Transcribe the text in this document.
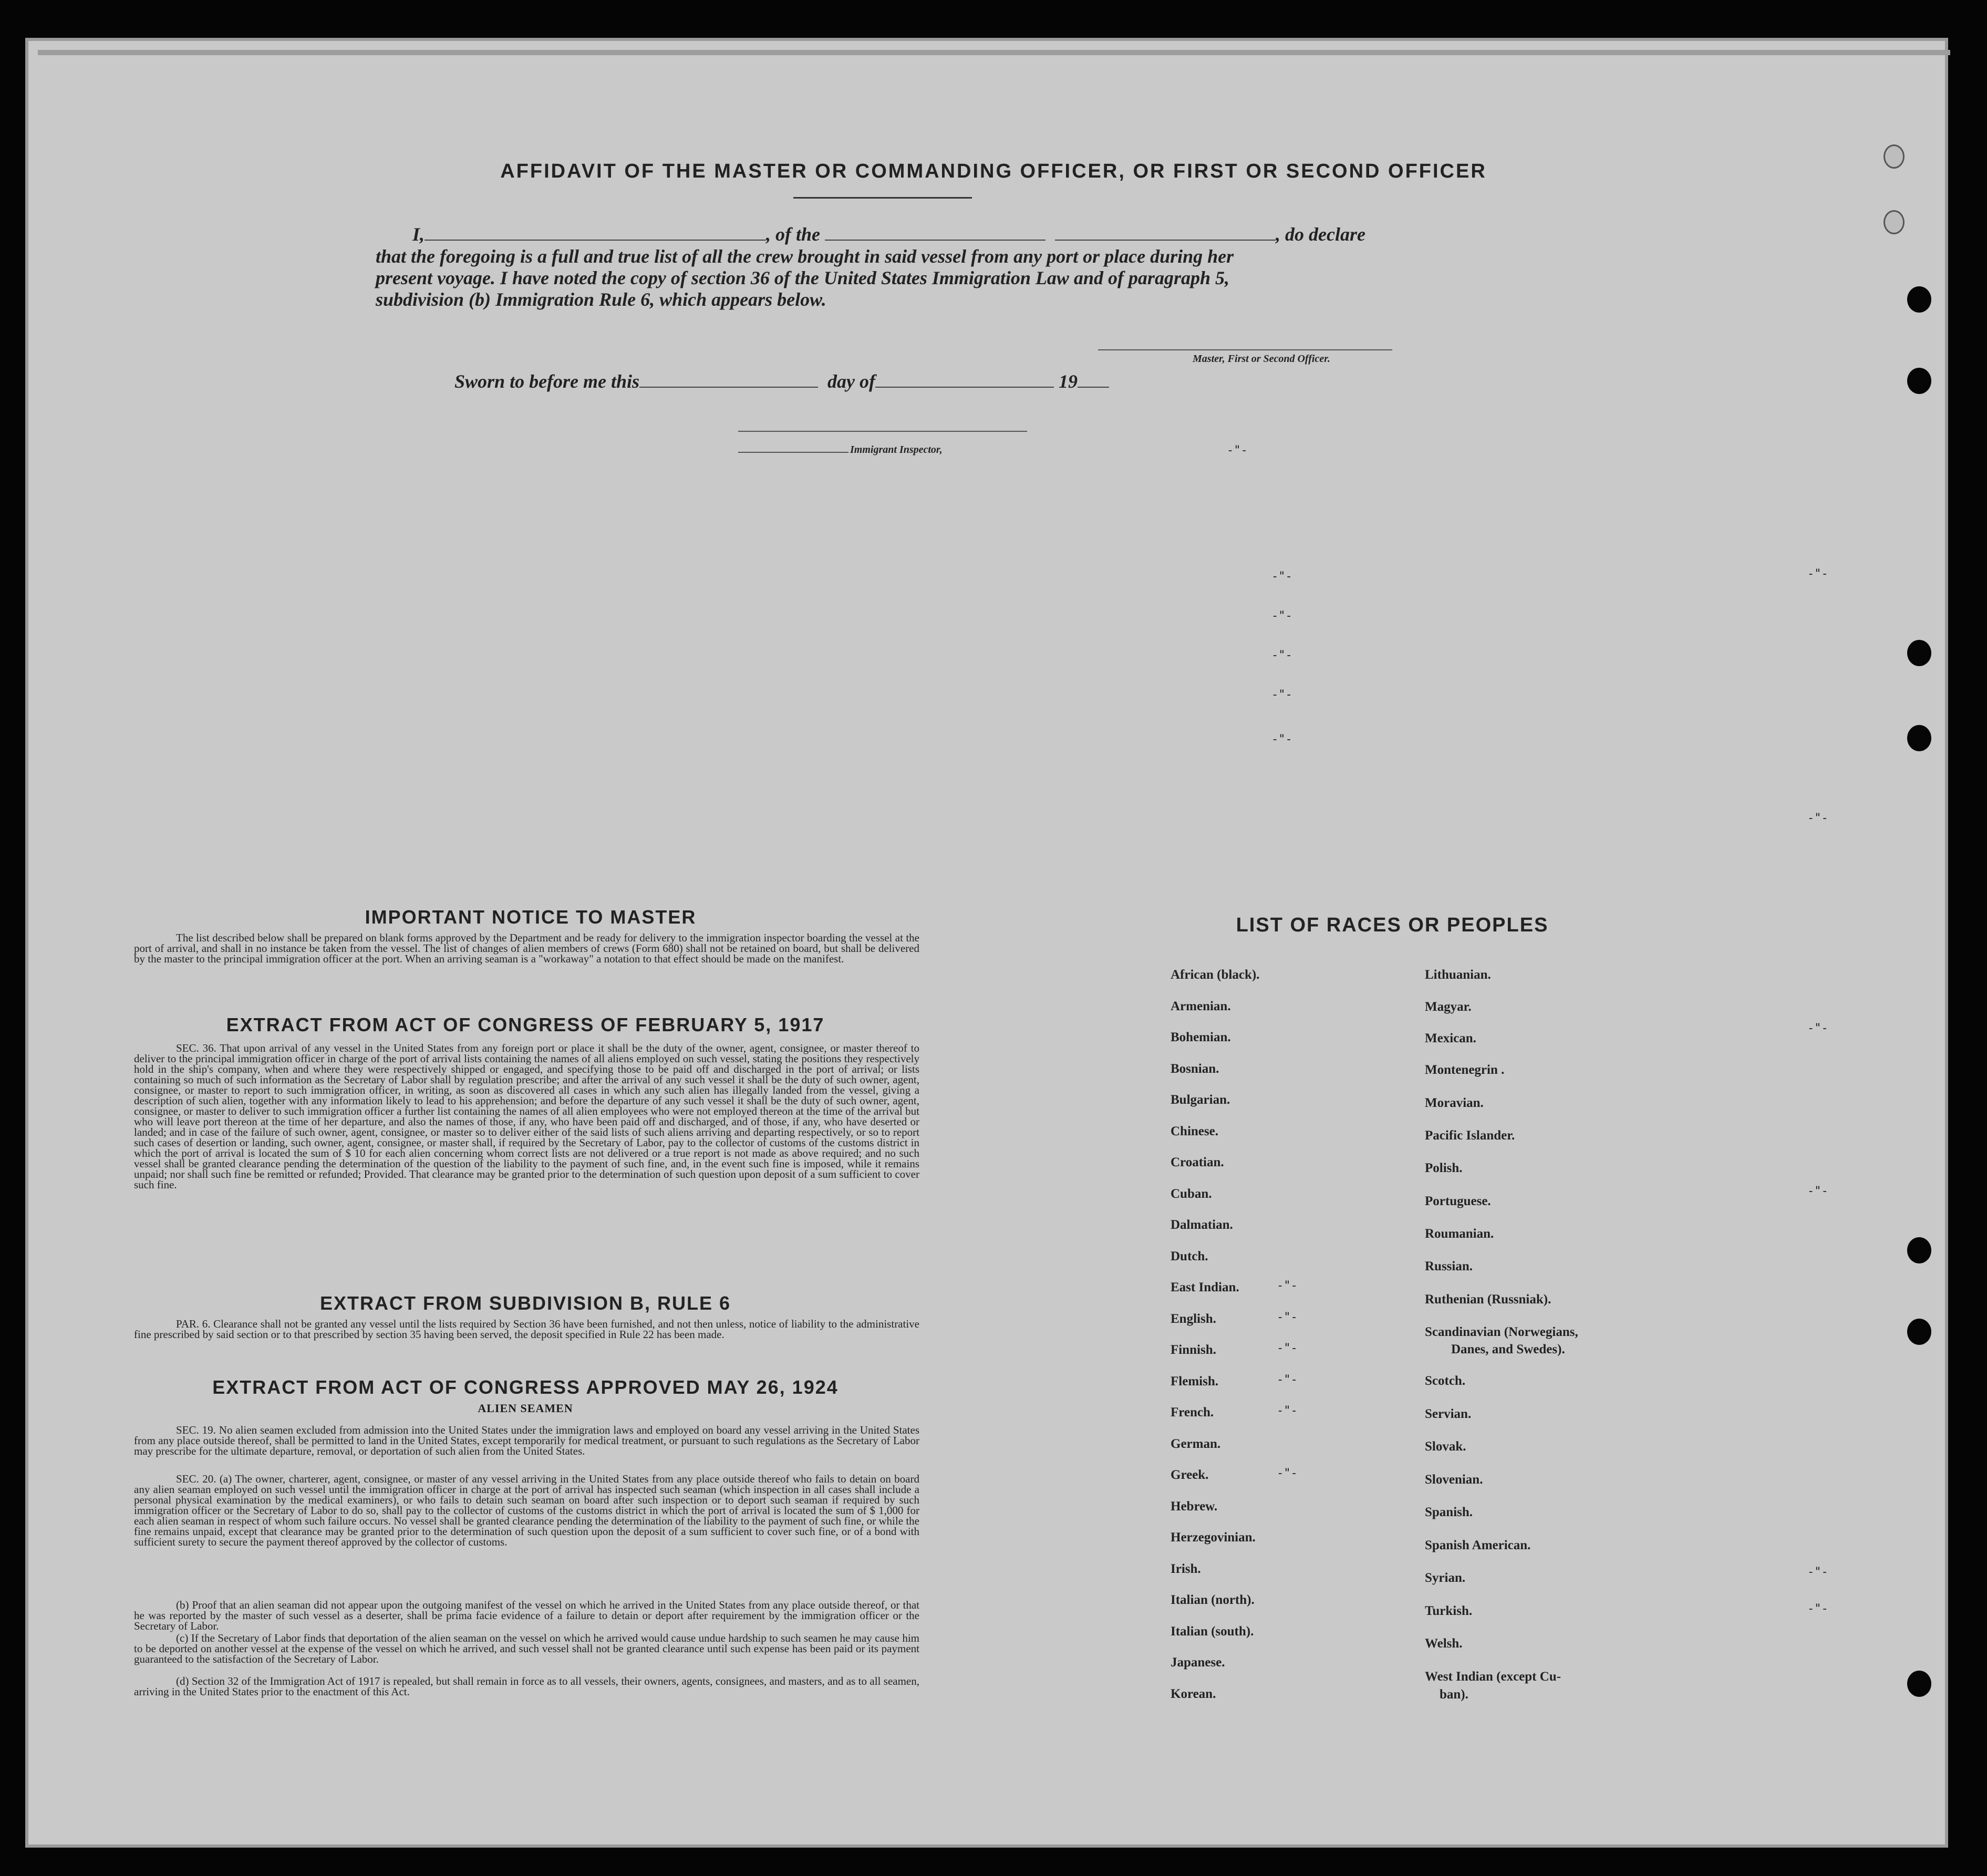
AFFIDAVIT OF THE MASTER OR COMMANDING OFFICER, OR FIRST OR SECOND OFFICER
I,	, of the	, do declare
that the foregoing is a full and true list of all the crew brought in said vessel from any port or place during her
present voyage. I have noted the copy of section 36 of the United States Immigration Law and of paragraph 5,
subdivision (b) Immigration Rule 6, which appears below.
Master, First or Second Officer.
Sworn to before me this	day of	19
Immigrant Inspector,	-"-
-"-
-"-
-"-
-"-
-"-
-"-
-"-
-"-
-"-
-"-
-"-
IMPORTANT NOTICE TO MASTER
The list described below shall be prepared on blank forms approved by the Department and be ready for delivery to the immigration inspector boarding the vessel at the port of arrival, and shall in no instance be taken from the vessel. The list of changes of alien members of crews (Form 680) shall not be retained on board, but shall be delivered by the master to the principal immigration officer at the port. When an arriving seaman is a "workaway" a notation to that effect should be made on the manifest.
EXTRACT FROM ACT OF CONGRESS OF FEBRUARY 5, 1917
SEC. 36. That upon arrival of any vessel in the United States from any foreign port or place it shall be the duty of the owner, agent, consignee, or master thereof to deliver to the principal immigration officer in charge of the port of arrival lists containing the names of all aliens employed on such vessel, stating the positions they respectively hold in the ship's company, when and where they were respectively shipped or engaged, and specifying those to be paid off and discharged in the port of arrival; or lists containing so much of such information as the Secretary of Labor shall by regulation prescribe; and after the arrival of any such vessel it shall be the duty of such owner, agent, consignee, or master to report to such immigration officer, in writing, as soon as discovered all cases in which any such alien has illegally landed from the vessel, giving a description of such alien, together with any information likely to lead to his apprehension; and before the departure of any such vessel it shall be the duty of such owner, agent, consignee, or master to deliver to such immigration officer a further list containing the names of all alien employees who were not employed thereon at the time of the arrival but who will leave port thereon at the time of her departure, and also the names of those, if any, who have been paid off and discharged, and of those, if any, who have deserted or landed; and in case of the failure of such owner, agent, consignee, or master so to deliver either of the said lists of such aliens arriving and departing respectively, or so to report such cases of desertion or landing, such owner, agent, consignee, or master shall, if required by the Secretary of Labor, pay to the collector of customs of the customs district in which the port of arrival is located the sum of $ 10 for each alien concerning whom correct lists are not delivered or a true report is not made as above required; and no such vessel shall be granted clearance pending the determination of the question of the liability to the payment of such fine, and, in the event such fine is imposed, while it remains unpaid; nor shall such fine be remitted or refunded; Provided. That clearance may be granted prior to the determination of such question upon deposit of a sum sufficient to cover such fine.
EXTRACT FROM SUBDIVISION B, RULE 6
PAR. 6. Clearance shall not be granted any vessel until the lists required by Section 36 have been furnished, and not then unless, notice of liability to the administrative fine prescribed by said section or to that prescribed by section 35 having been served, the deposit specified in Rule 22 has been made.
EXTRACT FROM ACT OF CONGRESS APPROVED MAY 26, 1924
ALIEN SEAMEN
SEC. 19. No alien seamen excluded from admission into the United States under the immigration laws and employed on board any vessel arriving in the United States from any place outside thereof, shall be permitted to land in the United States, except temporarily for medical treatment, or pursuant to such regulations as the Secretary of Labor may prescribe for the ultimate departure, removal, or deportation of such alien from the United States.
SEC. 20. (a) The owner, charterer, agent, consignee, or master of any vessel arriving in the United States from any place outside thereof who fails to detain on board any alien seaman employed on such vessel until the immigration officer in charge at the port of arrival has inspected such seaman (which inspection in all cases shall include a personal physical examination by the medical examiners), or who fails to detain such seaman on board after such inspection or to deport such seaman if required by such immigration officer or the Secretary of Labor to do so, shall pay to the collector of customs of the customs district in which the port of arrival is located the sum of $ 1,000 for each alien seaman in respect of whom such failure occurs. No vessel shall be granted clearance pending the determination of the liability to the payment of such fine, or while the fine remains unpaid, except that clearance may be granted prior to the determination of such question upon the deposit of a sum sufficient to cover such fine, or of a bond with sufficient surety to secure the payment thereof approved by the collector of customs.
(b) Proof that an alien seaman did not appear upon the outgoing manifest of the vessel on which he arrived in the United States from any place outside thereof, or that he was reported by the master of such vessel as a deserter, shall be prima facie evidence of a failure to detain or deport after requirement by the immigration officer or the Secretary of Labor.
(c) If the Secretary of Labor finds that deportation of the alien seaman on the vessel on which he arrived would cause undue hardship to such seamen he may cause him to be deported on another vessel at the expense of the vessel on which he arrived, and such vessel shall not be granted clearance until such expense has been paid or its payment guaranteed to the satisfaction of the Secretary of Labor.
(d) Section 32 of the Immigration Act of 1917 is repealed, but shall remain in force as to all vessels, their owners, agents, consignees, and masters, and as to all seamen, arriving in the United States prior to the enactment of this Act.
LIST OF RACES OR PEOPLES
African (black).
Armenian.
Bohemian.
Bosnian.
Bulgarian.
Chinese.
Croatian.
Cuban.
Dalmatian.
Dutch.
East Indian.
English.
Finnish.
Flemish.
French.
German.
Greek.
Hebrew.
Herzegovinian.
Irish.
Italian (north).
Italian (south).
Japanese.
Korean.
-"-
-"-
-"-
-"-
-"-
-"-
Lithuanian.
Magyar.
Mexican.
Montenegrin .
Moravian.
Pacific Islander.
Polish.
Portuguese.
Roumanian.
Russian.
Ruthenian (Russniak).
Scandinavian (Norwegians,
Danes, and Swedes).
Scotch.
Servian.
Slovak.
Slovenian.
Spanish.
Spanish American.
Syrian.
Turkish.
Welsh.
West Indian (except Cu-
ban).
